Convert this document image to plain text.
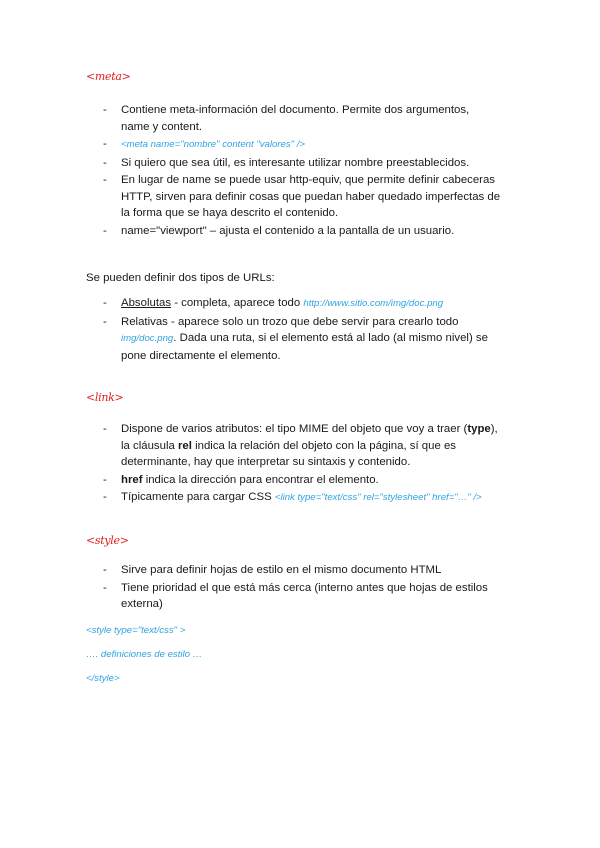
<meta>
- Contiene meta-información del documento. Permite dos argumentos,
name y content.
- <meta name="nombre" content "valores" />
- Si quiero que sea útil, es interesante utilizar nombre preestablecidos.
- En lugar de name se puede usar http-equiv, que permite definir cabeceras
HTTP, sirven para definir cosas que puedan haber quedado imperfectas de
la forma que se haya descrito el contenido.
- name="viewport" – ajusta el contenido a la pantalla de un usuario.
Se pueden definir dos tipos de URLs:
- Absolutas - completa, aparece todo http://www.sitio.com/img/doc.png
- Relativas - aparece solo un trozo que debe servir para crearlo todo
img/doc.png. Dada una ruta, si el elemento está al lado (al mismo nivel) se
pone directamente el elemento.
<link>
- Dispone de varios atributos: el tipo MIME del objeto que voy a traer (type),
la cláusula rel indica la relación del objeto con la página, sí que es
determinante, hay que interpretar su sintaxis y contenido.
- href indica la dirección para encontrar el elemento.
- Típicamente para cargar CSS <link type="text/css" rel="stylesheet" href="…" />
<style>
- Sirve para definir hojas de estilo en el mismo documento HTML
- Tiene prioridad el que está más cerca (interno antes que hojas de estilos
externa)
<style type="text/css" >
…. definiciones de estilo …
</style>
